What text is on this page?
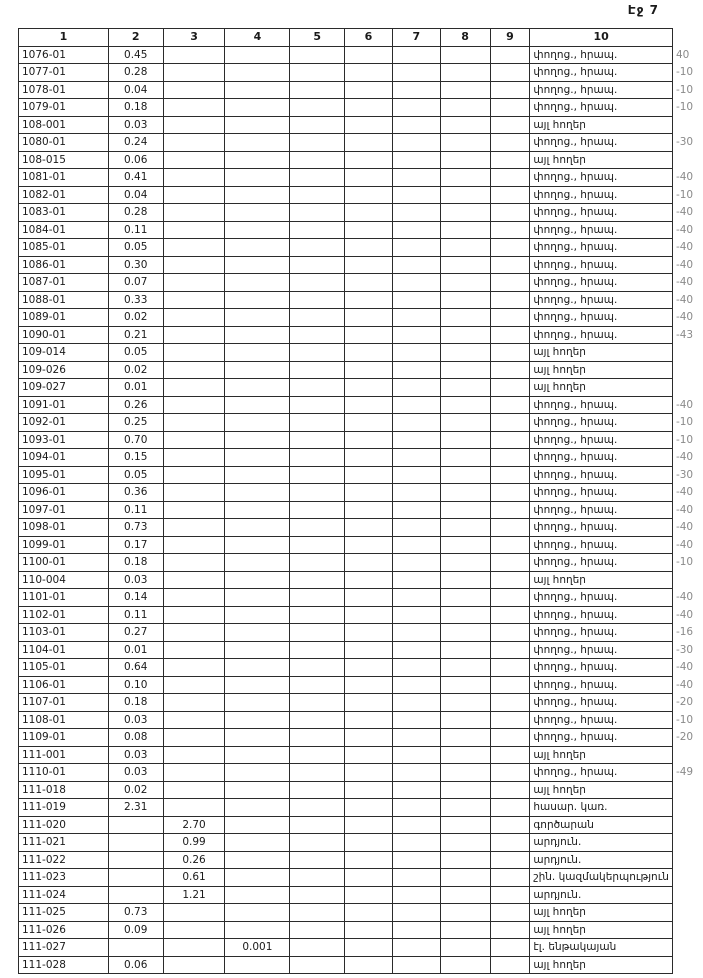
Էջ 7
1	2	3	4	5	6	7	8	9	10	
1076-01	0.45								փողոց., հրապ.	40
1077-01	0.28								փողոց., հրապ.	-10
1078-01	0.04								փողոց., հրապ.	-10
1079-01	0.18								փողոց., հրապ.	-10
108-001	0.03								այլ հողեր	
1080-01	0.24								փողոց., հրապ.	-30
108-015	0.06								այլ հողեր	
1081-01	0.41								փողոց., հրապ.	-40
1082-01	0.04								փողոց., հրապ.	-10
1083-01	0.28								փողոց., հրապ.	-40
1084-01	0.11								փողոց., հրապ.	-40
1085-01	0.05								փողոց., հրապ.	-40
1086-01	0.30								փողոց., հրապ.	-40
1087-01	0.07								փողոց., հրապ.	-40
1088-01	0.33								փողոց., հրապ.	-40
1089-01	0.02								փողոց., հրապ.	-40
1090-01	0.21								փողոց., հրապ.	-43
109-014	0.05								այլ հողեր	
109-026	0.02								այլ հողեր	
109-027	0.01								այլ հողեր	
1091-01	0.26								փողոց., հրապ.	-40
1092-01	0.25								փողոց., հրապ.	-10
1093-01	0.70								փողոց., հրապ.	-10
1094-01	0.15								փողոց., հրապ.	-40
1095-01	0.05								փողոց., հրապ.	-30
1096-01	0.36								փողոց., հրապ.	-40
1097-01	0.11								փողոց., հրապ.	-40
1098-01	0.73								փողոց., հրապ.	-40
1099-01	0.17								փողոց., հրապ.	-40
1100-01	0.18								փողոց., հրապ.	-10
110-004	0.03								այլ հողեր	
1101-01	0.14								փողոց., հրապ.	-40
1102-01	0.11								փողոց., հրապ.	-40
1103-01	0.27								փողոց., հրապ.	-16
1104-01	0.01								փողոց., հրապ.	-30
1105-01	0.64								փողոց., հրապ.	-40
1106-01	0.10								փողոց., հրապ.	-40
1107-01	0.18								փողոց., հրապ.	-20
1108-01	0.03								փողոց., հրապ.	-10
1109-01	0.08								փողոց., հրապ.	-20
111-001	0.03								այլ հողեր	
1110-01	0.03								փողոց., հրապ.	-49
111-018	0.02								այլ հողեր	
111-019	2.31								հասար. կառ.	
111-020		2.70							գործարան	
111-021		0.99							արդյուն.	
111-022		0.26							արդյուն.	
111-023		0.61							շին. կազմակերպություն	
111-024		1.21							արդյուն.	
111-025	0.73								այլ հողեր	
111-026	0.09								այլ հողեր	
111-027			0.001						էլ. ենթակայան	
111-028	0.06								այլ հողեր	
